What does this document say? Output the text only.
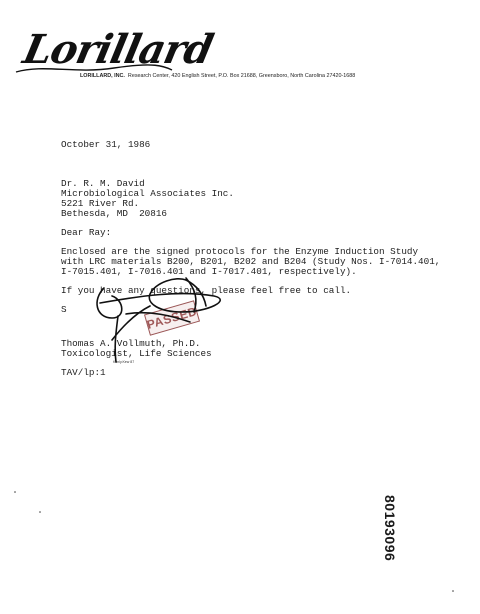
Lorillard
LORILLARD, INC. Research Center, 420 English Street, P.O. Box 21688, Greensboro, North Carolina 27420-1688
October 31, 1986
Dr. R. M. David
Microbiological Associates Inc.
5221 River Rd.
Bethesda, MD  20816
Dear Ray:
Enclosed are the signed protocols for the Enzyme Induction Study
with LRC materials B200, B201, B202 and B204 (Study Nos. I-7014.401,
I-7015.401, I-7016.401 and I-7017.401, respectively).
If you have any questions, please feel free to call.
S
Thomas A. Vollmuth, Ph.D.
Toxicologist, Life Sciences
Kenly.Kew 87
TAV/lp:1
PASSED
80193096
